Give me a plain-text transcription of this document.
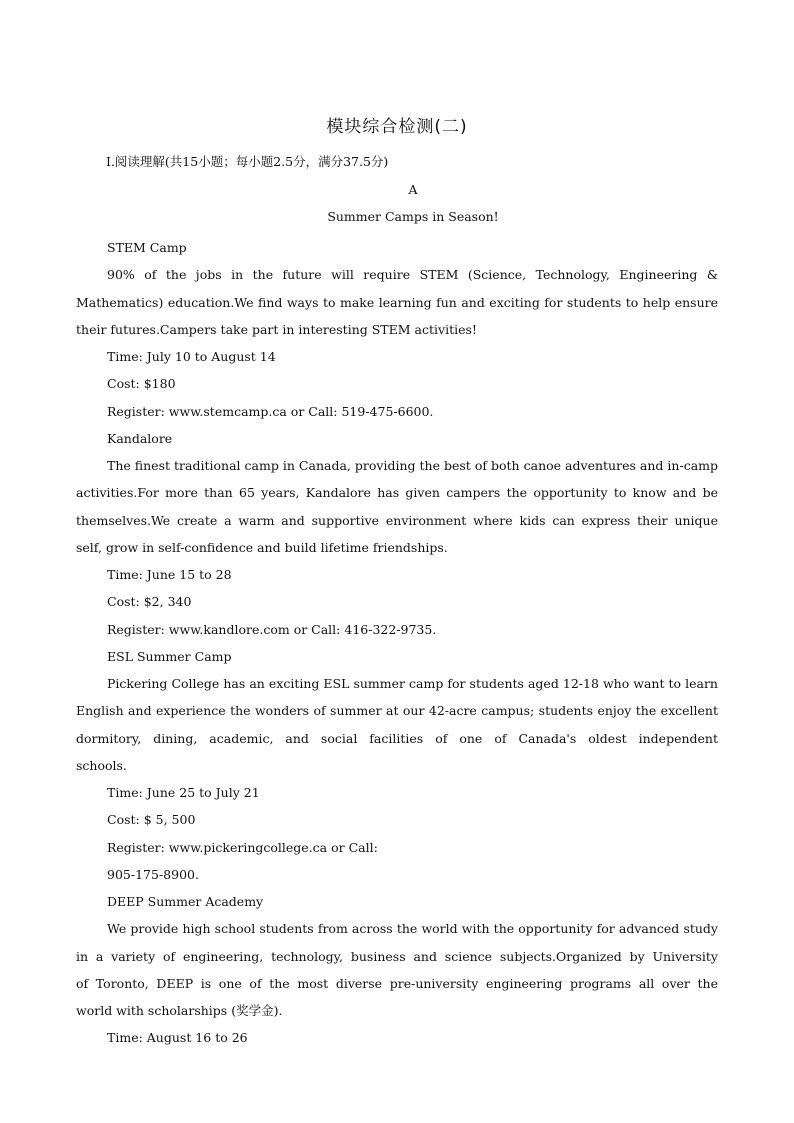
模块综合检测(二)
Ⅰ.阅读理解(共15小题；每小题2.5分，满分37.5分)
A
Summer Camps in Season!
STEM Camp
90% of the jobs in the future will require STEM (Science, Technology, Engineering &
Mathematics) education.We find ways to make learning fun and exciting for students to help ensure
their futures.Campers take part in interesting STEM activities!
Time: July 10 to August 14
Cost: $180
Register: www.stemcamp.ca or Call: 519-475-6600.
Kandalore
The finest traditional camp in Canada, providing the best of both canoe adventures and in-camp
activities.For more than 65 years, Kandalore has given campers the opportunity to know and be
themselves.We create a warm and supportive environment where kids can express their unique
self, grow in self-confidence and build lifetime friendships.
Time: June 15 to 28
Cost: $2, 340
Register: www.kandlore.com or Call: 416-322-9735.
ESL Summer Camp
Pickering College has an exciting ESL summer camp for students aged 12-18 who want to learn
English and experience the wonders of summer at our 42-acre campus; students enjoy the excellent
dormitory, dining, academic, and social facilities of one of Canada's oldest independent
schools.
Time: June 25 to July 21
Cost: $ 5, 500
Register: www.pickeringcollege.ca or Call:
905-175-8900.
DEEP Summer Academy
We provide high school students from across the world with the opportunity for advanced study
in a variety of engineering, technology, business and science subjects.Organized by University
of Toronto, DEEP is one of the most diverse pre-university engineering programs all over the
world with scholarships (奖学金).
Time: August 16 to 26
